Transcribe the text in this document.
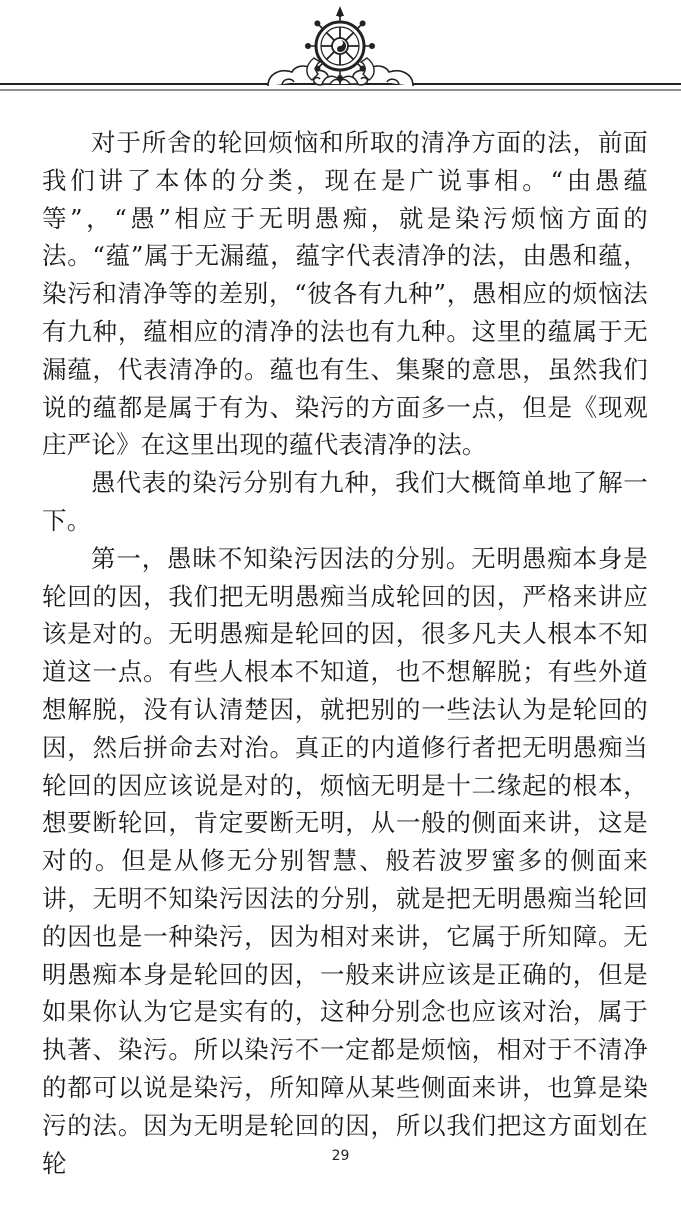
对于所舍的轮回烦恼和所取的清净方面的法，前面我们讲了本体的分类，现在是广说事相。“由愚蕴等”，“愚”相应于无明愚痴，就是染污烦恼方面的法。“蕴”属于无漏蕴，蕴字代表清净的法，由愚和蕴，染污和清净等的差别，“彼各有九种”，愚相应的烦恼法有九种，蕴相应的清净的法也有九种。这里的蕴属于无漏蕴，代表清净的。蕴也有生、集聚的意思，虽然我们说的蕴都是属于有为、染污的方面多一点，但是《现观庄严论》在这里出现的蕴代表清净的法。

愚代表的染污分别有九种，我们大概简单地了解一下。

第一，愚昧不知染污因法的分别。无明愚痴本身是轮回的因，我们把无明愚痴当成轮回的因，严格来讲应该是对的。无明愚痴是轮回的因，很多凡夫人根本不知道这一点。有些人根本不知道，也不想解脱；有些外道想解脱，没有认清楚因，就把别的一些法认为是轮回的因，然后拼命去对治。真正的内道修行者把无明愚痴当轮回的因应该说是对的，烦恼无明是十二缘起的根本，想要断轮回，肯定要断无明，从一般的侧面来讲，这是对的。但是从修无分别智慧、般若波罗蜜多的侧面来讲，无明不知染污因法的分别，就是把无明愚痴当轮回的因也是一种染污，因为相对来讲，它属于所知障。无明愚痴本身是轮回的因，一般来讲应该是正确的，但是如果你认为它是实有的，这种分别念也应该对治，属于执著、染污。所以染污不一定都是烦恼，相对于不清净的都可以说是染污，所知障从某些侧面来讲，也算是染污的法。因为无明是轮回的因，所以我们把这方面划在轮	29
